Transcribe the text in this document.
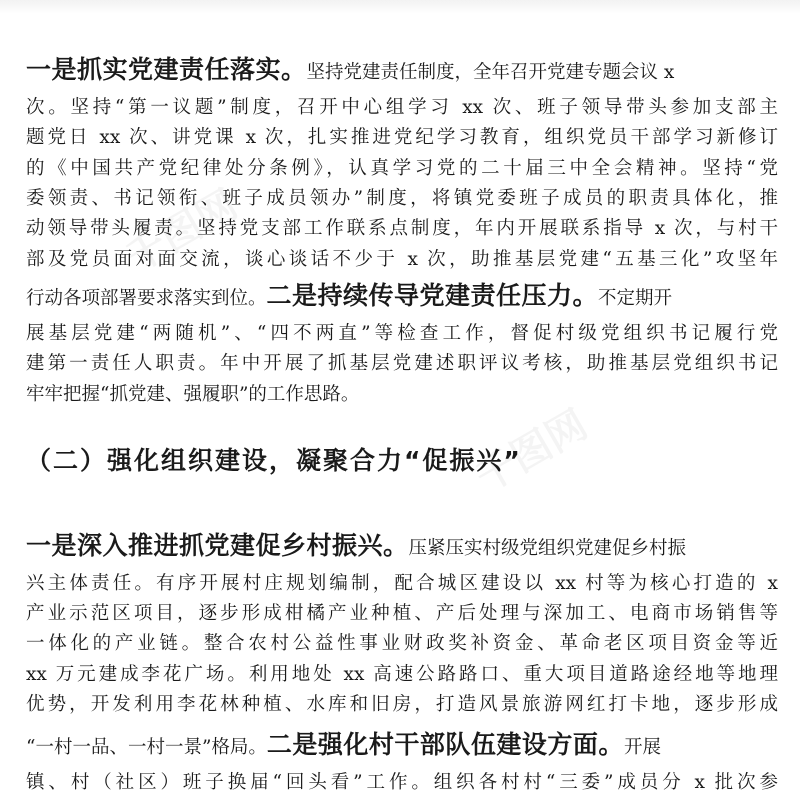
一是抓实党建责任落实。坚持党建责任制度，全年召开党建专题会议 x
次。坚持“第一议题”制度，召开中心组学习 xx 次、班子领导带头参加支部主
题党日 xx 次、讲党课 x 次，扎实推进党纪学习教育，组织党员干部学习新修订
的《中国共产党纪律处分条例》，认真学习党的二十届三中全会精神。坚持“党
委领责、书记领衔、班子成员领办”制度，将镇党委班子成员的职责具体化，推
动领导带头履责。坚持党支部工作联系点制度，年内开展联系指导 x 次，与村干
部及党员面对面交流，谈心谈话不少于 x 次，助推基层党建“五基三化”攻坚年
行动各项部署要求落实到位。二是持续传导党建责任压力。不定期开
展基层党建“两随机”、“四不两直”等检查工作，督促村级党组织书记履行党
建第一责任人职责。年中开展了抓基层党建述职评议考核，助推基层党组织书记
牢牢把握“抓党建、强履职”的工作思路。
（二）强化组织建设，凝聚合力“促振兴”
一是深入推进抓党建促乡村振兴。压紧压实村级党组织党建促乡村振
兴主体责任。有序开展村庄规划编制，配合城区建设以 xx 村等为核心打造的 x
产业示范区项目，逐步形成柑橘产业种植、产后处理与深加工、电商市场销售等
一体化的产业链。整合农村公益性事业财政奖补资金、革命老区项目资金等近
xx 万元建成李花广场。利用地处 xx 高速公路路口、重大项目道路途经地等地理
优势，开发利用李花林种植、水库和旧房，打造风景旅游网红打卡地，逐步形成
“一村一品、一村一景”格局。二是强化村干部队伍建设方面。开展
镇、村（社区）班子换届“回头看”工作。组织各村村“三委”成员分 x 批次参
